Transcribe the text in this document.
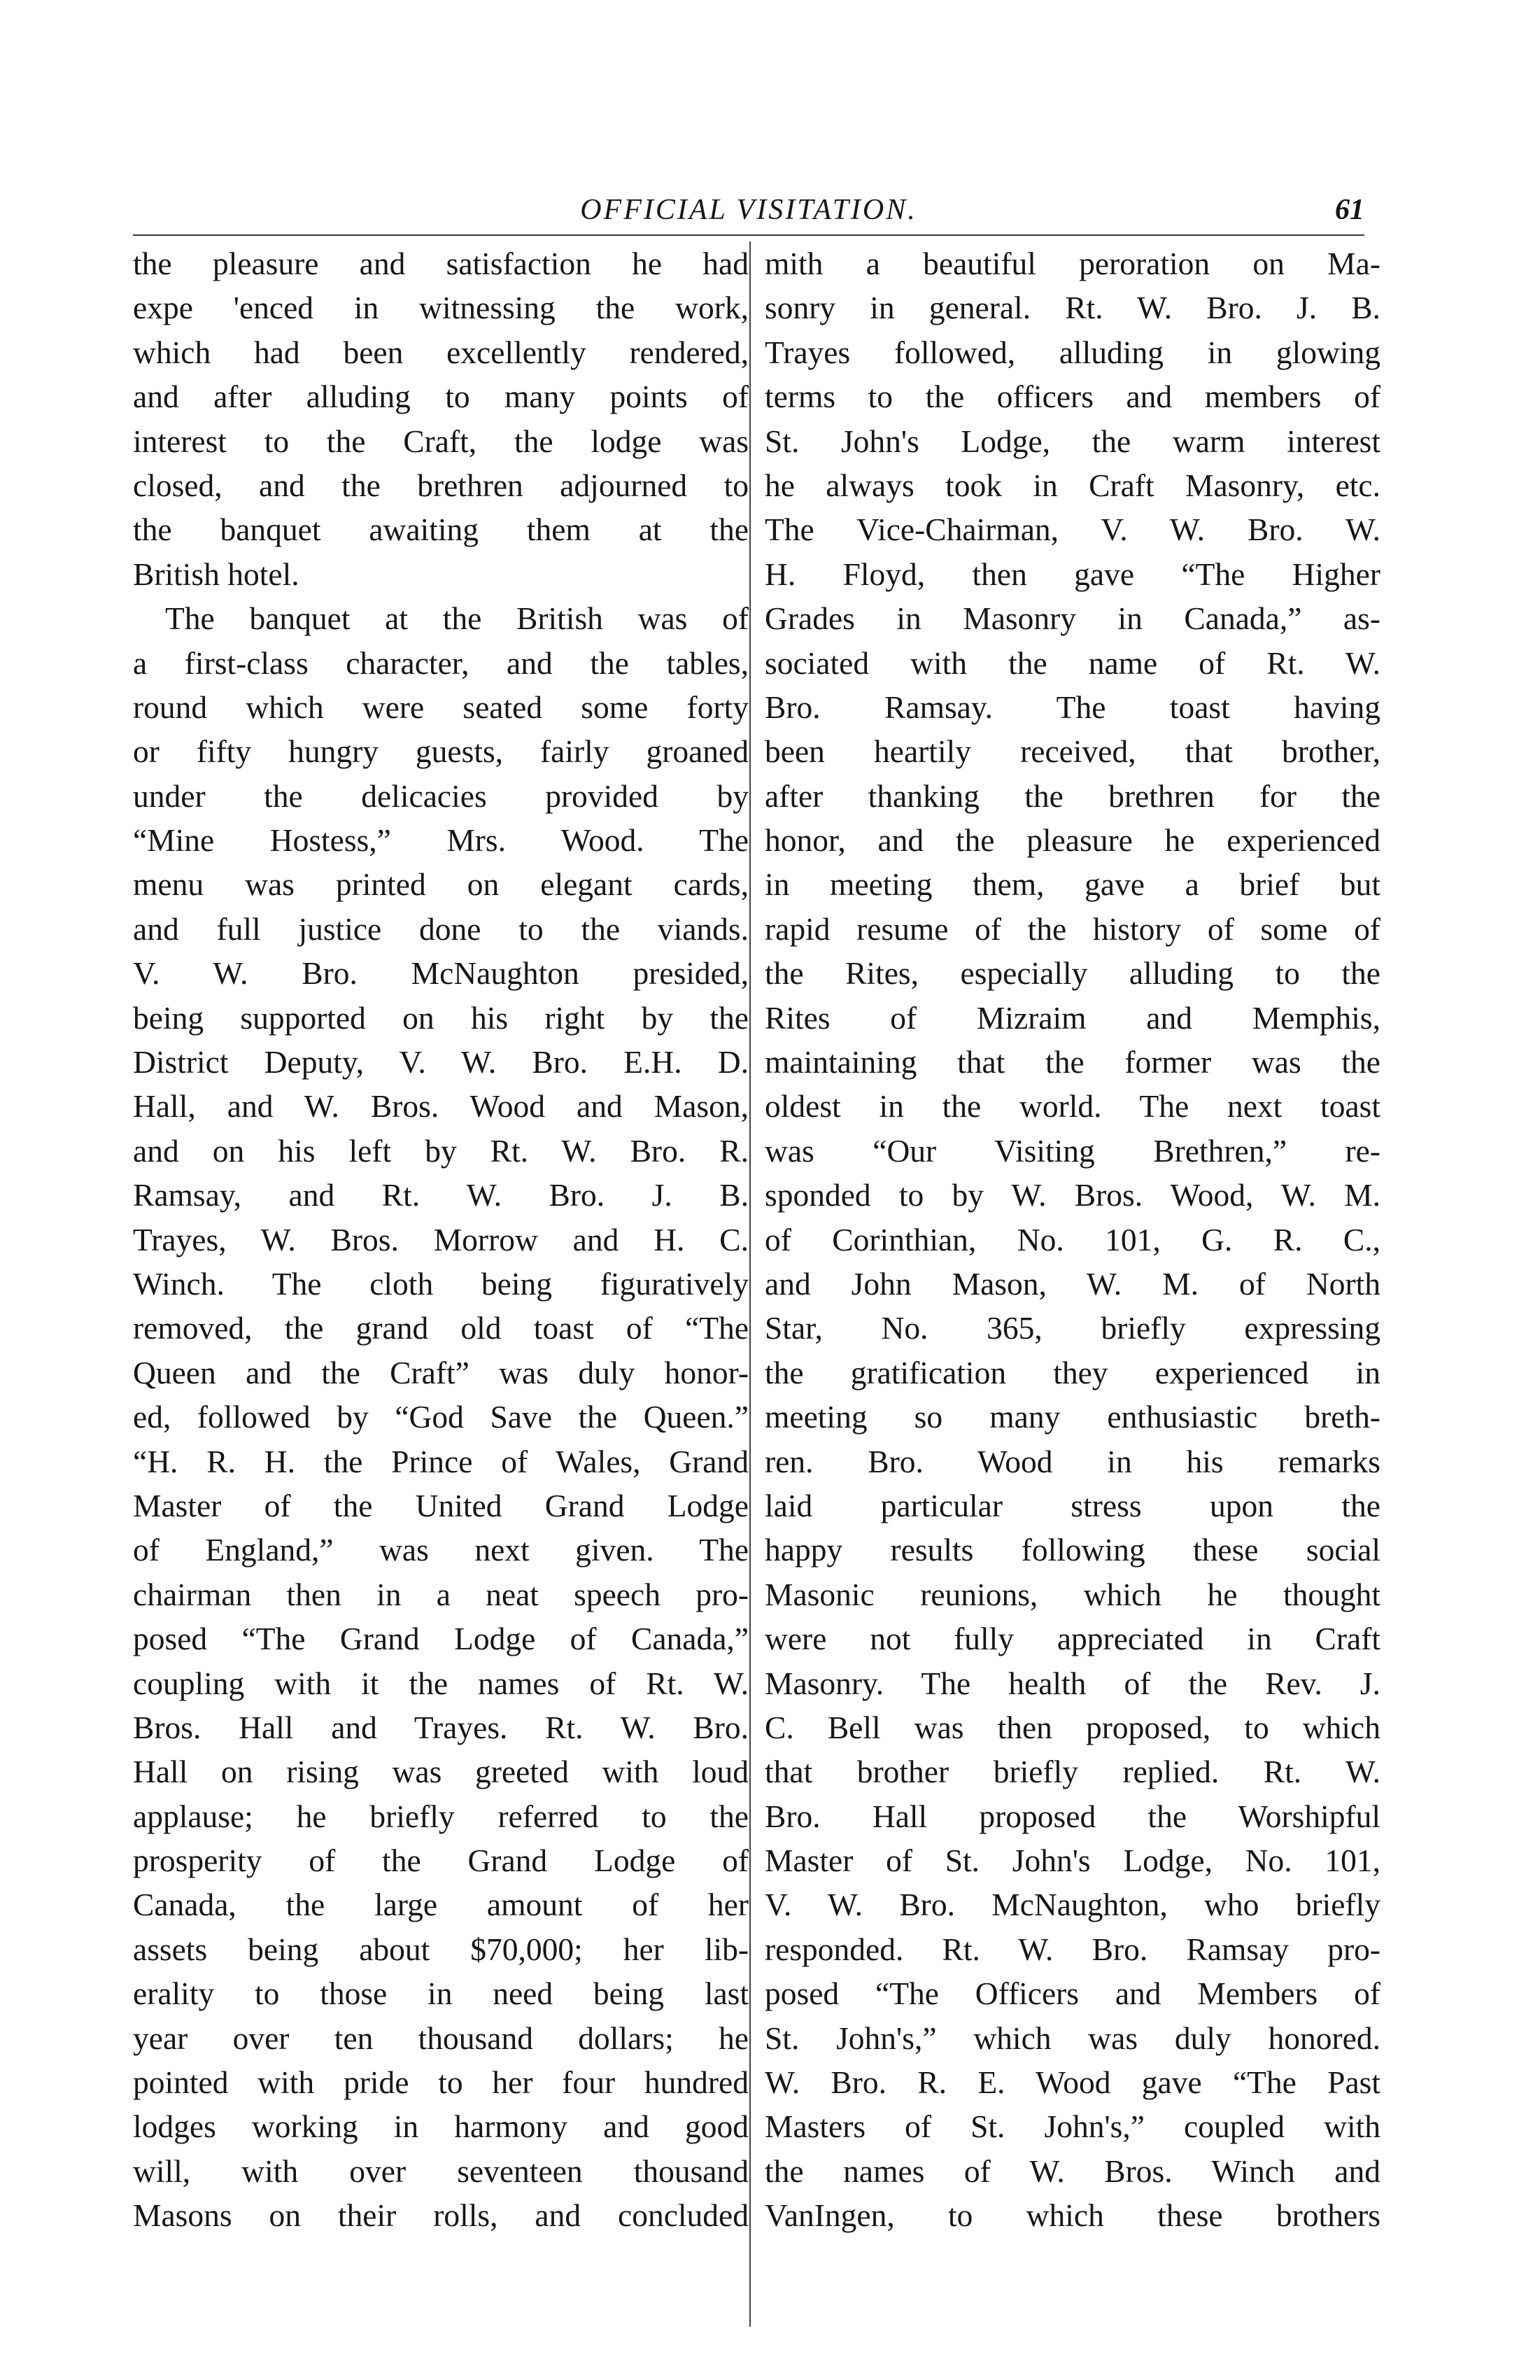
OFFICIAL VISITATION.	61
the pleasure and satisfaction he had
expe 'enced in witnessing the work,
which had been excellently rendered,
and after alluding to many points of
interest to the Craft, the lodge was
closed, and the brethren adjourned to
the banquet awaiting them at the
British hotel.
The banquet at the British was of
a first-class character, and the tables,
round which were seated some forty
or fifty hungry guests, fairly groaned
under the delicacies provided by
“Mine Hostess,” Mrs. Wood. The
menu was printed on elegant cards,
and full justice done to the viands.
V. W. Bro. McNaughton presided,
being supported on his right by the
District Deputy, V. W. Bro. E.H. D.
Hall, and W. Bros. Wood and Mason,
and on his left by Rt. W. Bro. R.
Ramsay, and Rt. W. Bro. J. B.
Trayes, W. Bros. Morrow and H. C.
Winch. The cloth being figuratively
removed, the grand old toast of “The
Queen and the Craft” was duly honor-
ed, followed by “God Save the Queen.”
“H. R. H. the Prince of Wales, Grand
Master of the United Grand Lodge
of England,” was next given. The
chairman then in a neat speech pro-
posed “The Grand Lodge of Canada,”
coupling with it the names of Rt. W.
Bros. Hall and Trayes. Rt. W. Bro.
Hall on rising was greeted with loud
applause; he briefly referred to the
prosperity of the Grand Lodge of
Canada, the large amount of her
assets being about $70,000; her lib-
erality to those in need being last
year over ten thousand dollars; he
pointed with pride to her four hundred
lodges working in harmony and good
will, with over seventeen thousand
Masons on their rolls, and concluded
mith a beautiful peroration on Ma-
sonry in general. Rt. W. Bro. J. B.
Trayes followed, alluding in glowing
terms to the officers and members of
St. John's Lodge, the warm interest
he always took in Craft Masonry, etc.
The Vice-Chairman, V. W. Bro. W.
H. Floyd, then gave “The Higher
Grades in Masonry in Canada,” as-
sociated with the name of Rt. W.
Bro. Ramsay. The toast having
been heartily received, that brother,
after thanking the brethren for the
honor, and the pleasure he experienced
in meeting them, gave a brief but
rapid resume of the history of some of
the Rites, especially alluding to the
Rites of Mizraim and Memphis,
maintaining that the former was the
oldest in the world. The next toast
was “Our Visiting Brethren,” re-
sponded to by W. Bros. Wood, W. M.
of Corinthian, No. 101, G. R. C.,
and John Mason, W. M. of North
Star, No. 365, briefly expressing
the gratification they experienced in
meeting so many enthusiastic breth-
ren. Bro. Wood in his remarks
laid particular stress upon the
happy results following these social
Masonic reunions, which he thought
were not fully appreciated in Craft
Masonry. The health of the Rev. J.
C. Bell was then proposed, to which
that brother briefly replied. Rt. W.
Bro. Hall proposed the Worshipful
Master of St. John's Lodge, No. 101,
V. W. Bro. McNaughton, who briefly
responded. Rt. W. Bro. Ramsay pro-
posed “The Officers and Members of
St. John's,” which was duly honored.
W. Bro. R. E. Wood gave “The Past
Masters of St. John's,” coupled with
the names of W. Bros. Winch and
VanIngen, to which these brothers
